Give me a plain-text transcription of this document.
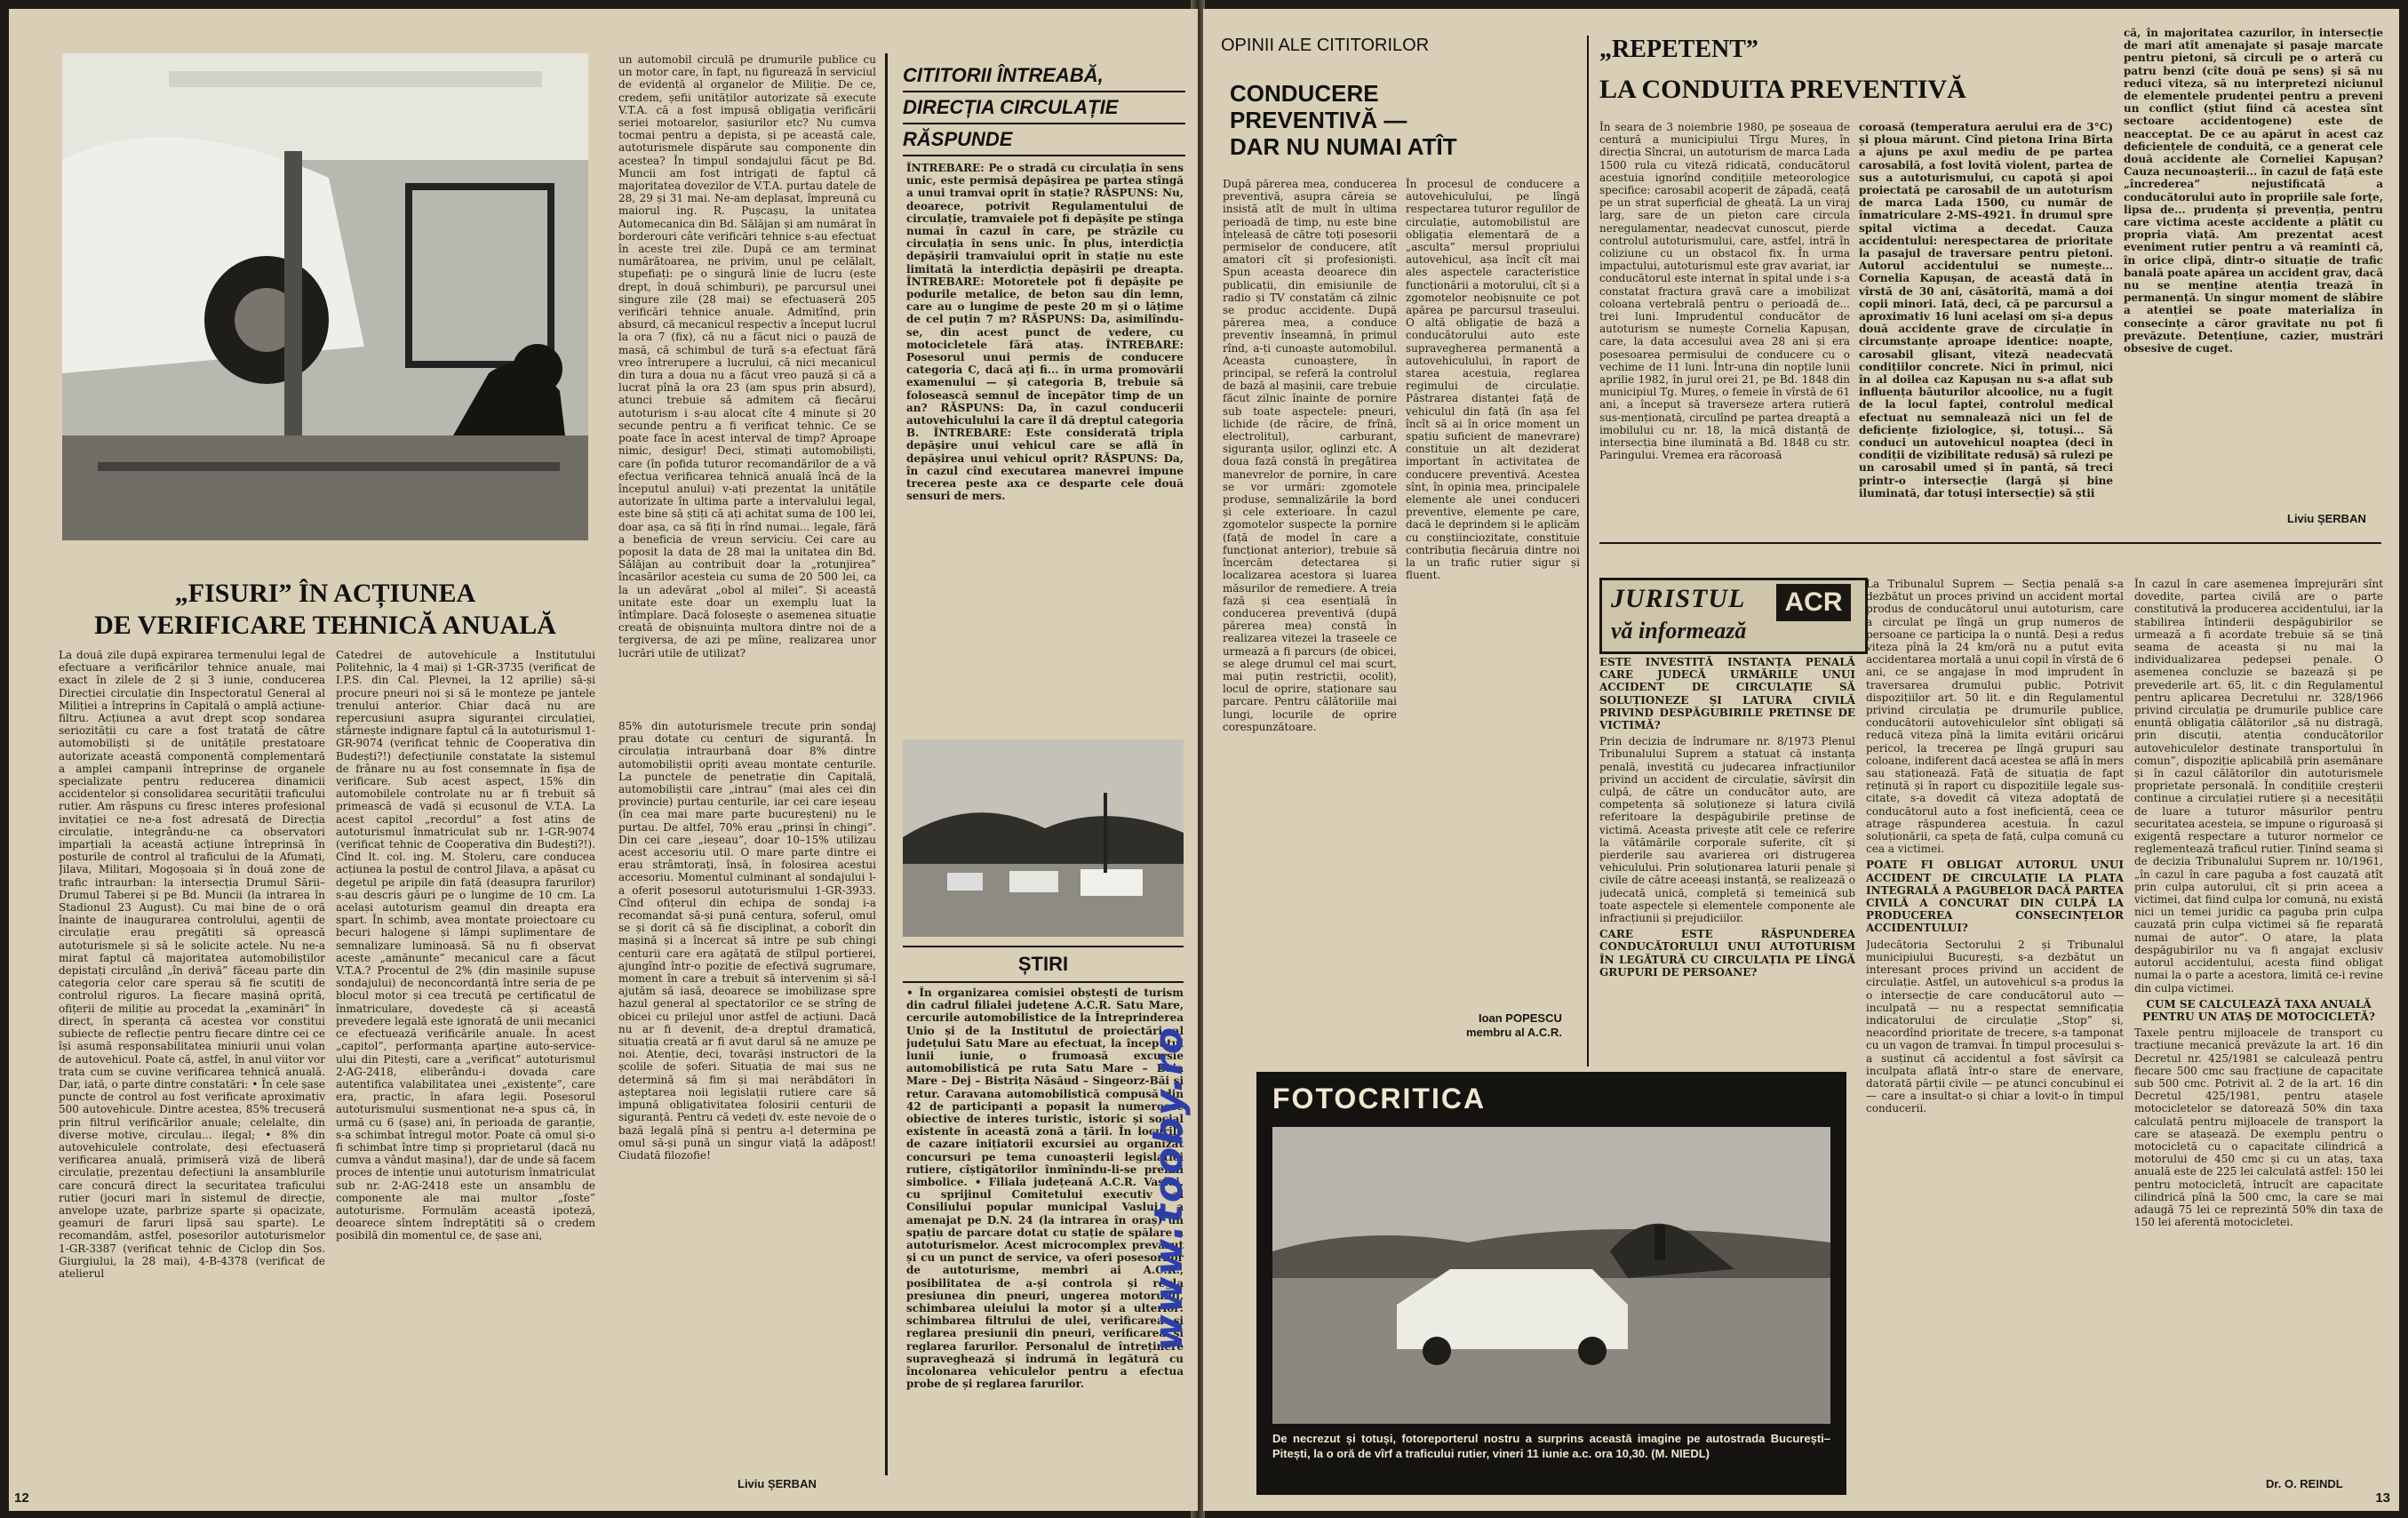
„FISURI” ÎN ACȚIUNEA
DE VERIFICARE TEHNICĂ ANUALĂ
La două zile după expirarea termenului legal de efectuare a verificărilor tehnice anuale, mai exact în zilele de 2 și 3 iunie, conducerea Direcției circulație din Inspectoratul General al Miliției a întreprins în Capitală o amplă acțiune-filtru. Acțiunea a avut drept scop sondarea seriozității cu care a fost tratată de către automobiliști și de unitățile prestatoare autorizate această componentă complementară a amplei campanii întreprinse de organele specializate pentru reducerea dinamicii accidentelor și consolidarea securității traficului rutier. Am răspuns cu firesc interes profesional invitației ce ne-a fost adresată de Direcția circulație, integrându-ne ca observatori imparțiali la această acțiune întreprinsă în posturile de control al traficului de la Afumați, Jilava, Militari, Mogoșoaia și în două zone de trafic intraurban: la intersecția Drumul Sării–Drumul Taberei și pe Bd. Muncii (la intrarea în Stadionul 23 August). Cu mai bine de o oră înainte de inaugurarea controlului, agenții de circulație erau pregătiți să oprească autoturismele și să le solicite actele. Nu ne-a mirat faptul că majoritatea automobiliștilor depistați circulând „în derivă” făceau parte din categoria celor care sperau să fie scutiți de controlul riguros. La fiecare mașină oprită, ofițerii de miliție au procedat la „examinări” în direct, în speranța că acestea vor constitui subiecte de reflecție pentru fiecare dintre cei ce își asumă responsabilitatea miniurii unui volan de autovehicul. Poate că, astfel, în anul viitor vor trata cum se cuvine verificarea tehnică anuală. Dar, iată, o parte dintre constatări: • În cele șase puncte de control au fost verificate aproximativ 500 autovehicule. Dintre acestea, 85% trecuseră prin filtrul verificărilor anuale; celelalte, din diverse motive, circulau... ilegal; • 8% din autovehiculele controlate, deși efectuaseră verificarea anuală, primiseră viză de liberă circulație, prezentau defecțiuni la ansamblurile care concură direct la securitatea traficului rutier (jocuri mari în sistemul de direcție, anvelope uzate, parbrize sparte și opacizate, geamuri de faruri lipsă sau sparte). Le recomandăm, astfel, posesorilor autoturismelor 1-GR-3387 (verificat tehnic de Ciclop din Șos. Giurgiului, la 28 mai), 4-B-4378 (verificat de atelierul
Catedrei de autovehicule a Institutului Politehnic, la 4 mai) și 1-GR-3735 (verificat de I.P.S. din Cal. Plevnei, la 12 aprilie) să-și procure pneuri noi și să le monteze pe jantele trenului anterior. Chiar dacă nu are repercusiuni asupra siguranței circulației, stârnește indignare faptul că la autoturismul 1-GR-9074 (verificat tehnic de Cooperativa din Budești?!) defecțiunile constatate la sistemul de frânare nu au fost consemnate în fișa de verificare. Sub acest aspect, 15% din automobilele controlate nu ar fi trebuit să primească de vadă și ecusonul de V.T.A. La acest capitol „recordul” a fost atins de autoturismul înmatriculat sub nr. 1-GR-9074 (verificat tehnic de Cooperativa din Budești?!). Cînd lt. col. ing. M. Stoleru, care conducea acțiunea la postul de control Jilava, a apăsat cu degetul pe aripile din față (deasupra farurilor) s-au descris găuri pe o lungime de 10 cm. La același autoturism geamul din dreapta era spart. În schimb, avea montate proiectoare cu becuri halogene și lămpi suplimentare de semnalizare luminoasă. Să nu fi observat aceste „amănunte” mecanicul care a făcut V.T.A.? Procentul de 2% (din mașinile supuse sondajului) de neconcordanță între seria de pe blocul motor și cea trecută pe certificatul de înmatriculare, dovedește că și această prevedere legală este ignorată de unii mecanici ce efectuează verificările anuale. În acest „capitol”, performanța aparține auto-service-ului din Pitești, care a „verificat” autoturismul 2-AG-2418, eliberându-i dovada care autentifica valabilitatea unei „existențe”, care era, practic, în afara legii. Posesorul autoturismului susmenționat ne-a spus că, în urmă cu 6 (șase) ani, în perioada de garanție, s-a schimbat întregul motor. Poate că omul și-o fi schimbat între timp și proprietarul (dacă nu cumva a vândut mașina!), dar de unde să facem proces de intenție unui autoturism înmatriculat sub nr. 2-AG-2418 este un ansamblu de componente ale mai multor „foste” autoturisme. Formulăm această ipoteză, deoarece sîntem îndreptățiți să o credem posibilă din momentul ce, de șase ani,
un automobil circulă pe drumurile publice cu un motor care, în fapt, nu figurează în serviciul de evidență al organelor de Miliție. De ce, credem, șefii unităților autorizate să execute V.T.A. că a fost impusă obligația verificării seriei motoarelor, șasiurilor etc? Nu cumva tocmai pentru a depista, și pe această cale, autoturismele dispărute sau componente din acestea? În timpul sondajului făcut pe Bd. Muncii am fost intrigați de faptul că majoritatea dovezilor de V.T.A. purtau datele de 28, 29 și 31 mai. Ne-am deplasat, împreună cu maiorul ing. R. Pușcașu, la unitatea Automecanica din Bd. Sălăjan și am numărat în borderouri câte verificări tehnice s-au efectuat în aceste trei zile. După ce am terminat numărătoarea, ne privim, unul pe celălalt, stupefiați: pe o singură linie de lucru (este drept, în două schimburi), pe parcursul unei singure zile (28 mai) se efectuaseră 205 verificări tehnice anuale. Admițînd, prin absurd, că mecanicul respectiv a început lucrul la ora 7 (fix), că nu a făcut nici o pauză de masă, că schimbul de tură s-a efectuat fără vreo întrerupere a lucrului, că nici mecanicul din tura a doua nu a făcut vreo pauză și că a lucrat pînă la ora 23 (am spus prin absurd), atunci trebuie să admitem că fiecărui autoturism i s-au alocat cîte 4 minute și 20 secunde pentru a fi verificat tehnic. Ce se poate face în acest interval de timp? Aproape nimic, desigur! Deci, stimați automobiliști, care (în pofida tuturor recomandărilor de a vă efectua verificarea tehnică anuală încă de la începutul anului) v-ați prezentat la unitățile autorizate în ultima parte a intervalului legal, este bine să știți că ați achitat suma de 100 lei, doar așa, ca să fiți în rînd numai... legale, fără a beneficia de vreun serviciu. Cei care au poposit la data de 28 mai la unitatea din Bd. Sălăjan au contribuit doar la „rotunjirea” încasărilor acesteia cu suma de 20 500 lei, ca la un adevărat „obol al milei”. Și această unitate este doar un exemplu luat la întîmplare. Dacă folosește o asemenea situație creată de obișnuința multora dintre noi de a tergiversa, de azi pe mîine, realizarea unor lucrări utile de utilizat?
85% din autoturismele trecute prin sondaj prau dotate cu centuri de siguranță. În circulația intraurbană doar 8% dintre automobiliștii opriți aveau montate centurile. La punctele de penetrație din Capitală, automobiliștii care „intrau” (mai ales cei din provincie) purtau centurile, iar cei care ieșeau (în cea mai mare parte bucureșteni) nu le purtau. De altfel, 70% erau „prinși în chingi”. Din cei care „ieșeau”, doar 10–15% utilizau acest accesoriu util. O mare parte dintre ei erau strâmtorați, însă, în folosirea acestui accesoriu. Momentul culminant al sondajului l-a oferit posesorul autoturismului 1-GR-3933. Cînd ofițerul din echipa de sondaj i-a recomandat să-și pună centura, soferul, omul se și dorit că să fie disciplinat, a coborît din mașină și a încercat să intre pe sub chingi centurii care era agățată de stîlpul portierei, ajungînd într-o poziție de efectivă sugrumare, moment în care a trebuit să intervenim și să-l ajutăm să iasă, deoarece se imobilizase spre hazul general al spectatorilor ce se strîng de obicei cu prilejul unor astfel de acțiuni. Dacă nu ar fi devenit, de-a dreptul dramatică, situația creată ar fi avut darul să ne amuze pe noi. Atenție, deci, tovarăși instructori de la școlile de șoferi. Situația de mai sus ne determină să fim și mai nerăbdători în așteptarea noii legislații rutiere care să impună obligativitatea folosirii centurii de siguranță. Pentru că vedeți dv. este nevoie de o bază legală pînă și pentru a-l determina pe omul să-și pună un singur viață la adăpost! Ciudată filozofie!
Liviu ȘERBAN
CITITORII ÎNTREABĂ,
DIRECȚIA CIRCULAȚIE
RĂSPUNDE
ÎNTREBARE: Pe o stradă cu circulația în sens unic, este permisă depășirea pe partea stîngă a unui tramvai oprit în stație? RĂSPUNS: Nu, deoarece, potrivit Regulamentului de circulație, tramvaiele pot fi depășite pe stînga numai în cazul în care, pe străzile cu circulația în sens unic. În plus, interdicția depășirii tramvaiului oprit în stație nu este limitată la interdicția depășirii pe dreapta. ÎNTREBARE: Motoretele pot fi depășite pe podurile metalice, de beton sau din lemn, care au o lungime de peste 20 m și o lățime de cel puțin 7 m? RĂSPUNS: Da, asimilîndu-se, din acest punct de vedere, cu motocicletele fără ataș. ÎNTREBARE: Posesorul unui permis de conducere categoria C, dacă ați fi... în urma promovării examenului — și categoria B, trebuie să folosească semnul de începător timp de un an? RĂSPUNS: Da, în cazul conducerii autovehiculului la care îl dă dreptul categoria B. ÎNTREBARE: Este considerată tripla depășire unui vehicul care se află în depășirea unui vehicul oprit? RĂSPUNS: Da, în cazul cînd executarea manevrei impune trecerea peste axa ce desparte cele două sensuri de mers.
ȘTIRI
• În organizarea comisiei obștești de turism din cadrul filialei județene A.C.R. Satu Mare, cercurile automobilistice de la Întreprinderea Unio și de la Institutul de proiectări al județului Satu Mare au efectuat, la începutul lunii iunie, o frumoasă excursie automobilistică pe ruta Satu Mare – Baia Mare – Dej – Bistrița Năsăud – Singeorz-Băi și retur. Caravana automobilistică compusă din 42 de participanți a popasit la numeroase obiective de interes turistic, istoric și social existente în această zonă a țării. În locurile de cazare inițiatorii excursiei au organizat concursuri pe tema cunoașterii legislației rutiere, cîștigătorilor înmînîndu-li-se premii simbolice. • Filiala județeană A.C.R. Vaslui, cu sprijinul Comitetului executiv al Consiliului popular municipal Vaslui, a amenajat pe D.N. 24 (la intrarea în oraș) un spațiu de parcare dotat cu stație de spălare a autoturismelor. Acest microcomplex prevăzut și cu un punct de service, va oferi posesorilor de autoturisme, membri ai A.C.R., posibilitatea de a-și controla și regla presiunea din pneuri, ungerea motorului, schimbarea uleiului la motor și a ulterior: schimbarea filtrului de ulei, verificarea și reglarea presiunii din pneuri, verificarea și reglarea farurilor. Personalul de întreținere supraveghează și îndrumă în legătură cu încolonarea vehiculelor pentru a efectua probe de și reglarea farurilor.
12
www.tooby.ro
OPINII ALE CITITORILOR
CONDUCERE
PREVENTIVĂ —
DAR NU NUMAI ATÎT
După părerea mea, conducerea preventivă, asupra căreia se insistă atît de mult în ultima perioadă de timp, nu este bine înțeleasă de către toți posesorii permiselor de conducere, atît amatori cît și profesioniști. Spun aceasta deoarece din publicații, din emisiunile de radio și TV constatăm că zilnic se produc accidente. După părerea mea, a conduce preventiv înseamnă, în primul rînd, a-ți cunoaște automobilul. Aceasta cunoaștere, în principal, se referă la controlul de bază al mașinii, care trebuie făcut zilnic înainte de pornire sub toate aspectele: pneuri, lichide (de răcire, de frînă, electrolitul), carburant, siguranța ușilor, oglinzi etc. A doua fază constă în pregătirea manevrelor de pornire, în care se vor urmări: zgomotele produse, semnalizările la bord și cele exterioare. În cazul zgomotelor suspecte la pornire (față de model în care a funcționat anterior), trebuie să încercăm detectarea și localizarea acestora și luarea măsurilor de remediere. A treia fază și cea esențială în conducerea preventivă (după părerea mea) constă în realizarea vitezei la traseele ce urmează a fi parcurs (de obicei, se alege drumul cel mai scurt, mai puțin restricții, ocolit), locul de oprire, staționare sau parcare. Pentru călătoriile mai lungi, locurile de oprire corespunzătoare.
În procesul de conducere a autovehiculului, pe lîngă respectarea tuturor regulilor de circulație, automobilistul are obligația elementară de a „asculta” mersul propriului autovehicul, așa încît cît mai ales aspectele caracteristice funcționării a motorului, cît și a zgomotelor neobișnuite ce pot apărea pe parcursul traseului. O altă obligație de bază a conducătorului auto este supravegherea permanentă a autovehiculului, în raport de starea acestuia, reglarea regimului de circulație. Păstrarea distanței față de vehiculul din față (în așa fel încît să ai în orice moment un spațiu suficient de manevrare) constituie un alt deziderat important în activitatea de conducere preventivă. Acestea sînt, în opinia mea, principalele elemente ale unei conduceri preventive, elemente pe care, dacă le deprindem și le aplicăm cu conștiinciozitate, constituie contribuția fiecăruia dintre noi la un trafic rutier sigur și fluent.
Ioan POPESCU
membru al A.C.R.
„REPETENT”
LA CONDUITA PREVENTIVĂ
În seara de 3 noiembrie 1980, pe șoseaua de centură a municipiului Tîrgu Mureș, în direcția Sîncrai, un autoturism de marca Lada 1500 rula cu viteză ridicată, conducătorul acestuia ignorînd condițiile meteorologice specifice: carosabil acoperit de zăpadă, ceață pe un strat superficial de gheață. La un viraj larg, sare de un pieton care circula neregulamentar, neadecvat cunoscut, pierde controlul autoturismului, care, astfel, intră în coliziune cu un obstacol fix. În urma impactului, autoturismul este grav avariat, iar conducătorul este internat în spital unde i s-a constatat fractura gravă care a imobilizat coloana vertebrală pentru o perioadă de... trei luni. Imprudentul conducător de autoturism se numește Cornelia Kapușan, care, la data accesului avea 28 ani și era posesoarea permisului de conducere cu o vechime de 11 luni. Într-una din nopțile lunii aprilie 1982, în jurul orei 21, pe Bd. 1848 din municipiul Tg. Mureș, o femeie în vîrstă de 61 ani, a început să traverseze artera rutieră sus-menționată, circulînd pe partea dreaptă a imobilului cu nr. 18, la mică distanță de intersecția bine iluminată a Bd. 1848 cu str. Paringului. Vremea era răcoroasă
coroasă (temperatura aerului era de 3°C) și ploua mărunt. Cînd pietona Irina Bîrta a ajuns pe axul mediu de pe partea carosabilă, a fost lovită violent, partea de sus a autoturismului, cu capotă și apoi proiectată pe carosabil de un autoturism de marca Lada 1500, cu număr de înmatriculare 2-MS-4921. În drumul spre spital victima a decedat. Cauza accidentului: nerespectarea de prioritate la pasajul de traversare pentru pietoni. Autorul accidentului se numește... Cornelia Kapușan, de această dată în vîrstă de 30 ani, căsătorită, mamă a doi copii minori. Iată, deci, că pe parcursul a aproximativ 16 luni același om și-a depus două accidente grave de circulație în circumstanțe aproape identice: noapte, carosabil glisant, viteză neadecvată condițiilor concrete. Nici în primul, nici în al doilea caz Kapușan nu s-a aflat sub influența băuturilor alcoolice, nu a fugit de la locul faptei, controlul medical efectuat nu semnalează nici un fel de deficiențe fiziologice, și, totuși... Să conduci un autovehicul noaptea (deci în condiții de vizibilitate redusă) să rulezi pe un carosabil umed și în pantă, să treci printr-o intersecție (largă și bine iluminată, dar totuși intersecție) să știi
că, în majoritatea cazurilor, în intersecție de mari atît amenajate și pasaje marcate pentru pietoni, să circuli pe o arteră cu patru benzi (cîte două pe sens) și să nu reduci viteza, să nu interpretezi niciunul de elementele prudenței pentru a preveni un conflict (știut fiind că acestea sînt sectoare accidentogene) este de neacceptat. De ce au apărut în acest caz deficiențele de conduită, ce a generat cele două accidente ale Corneliei Kapușan? Cauza necunoașterii... în cazul de față este „încrederea” nejustificată a conducătorului auto în propriile sale forțe, lipsa de... prudența și prevenția, pentru care victima aceste accidente a plătit cu propria viață. Am prezentat acest eveniment rutier pentru a vă reaminti că, în orice clipă, dintr-o situație de trafic banală poate apărea un accident grav, dacă nu se menține atenția trează în permanență. Un singur moment de slăbire a atenției se poate materializa în consecințe a căror gravitate nu pot fi prevăzute. Detențiune, cazier, mustrări obsesive de cuget.
Liviu ȘERBAN
JURISTUL	ACR
vă informează
ESTE INVESTITĂ INSTANȚA PENALĂ CARE JUDECĂ URMĂRILE UNUI ACCIDENT DE CIRCULAȚIE SĂ SOLUȚIONEZE ȘI LATURA CIVILĂ PRIVIND DESPĂGUBIRILE PRETINSE DE VICTIMĂ?
Prin decizia de îndrumare nr. 8/1973 Plenul Tribunalului Suprem a statuat că instanța penală, investită cu judecarea infracțiunilor privind un accident de circulație, săvîrșit din culpă, de către un conducător auto, are competența să soluționeze și latura civilă referitoare la despăgubirile pretinse de victimă. Aceasta privește atît cele ce referire la vătămările corporale suferite, cît și pierderile sau avarierea ori distrugerea vehiculului. Prin soluționarea laturii penale și civile de către aceeași instanță, se realizează o judecată unică, completă și temeinică sub toate aspectele și elementele componente ale infracțiunii și prejudiciilor.
CARE ESTE RĂSPUNDEREA CONDUCĂTORULUI UNUI AUTOTURISM ÎN LEGĂTURĂ CU CIRCULAȚIA PE LÎNGĂ GRUPURI DE PERSOANE?
La Tribunalul Suprem — Secția penală s-a dezbătut un proces privind un accident mortal produs de conducătorul unui autoturism, care a circulat pe lîngă un grup numeros de persoane ce participa la o nuntă. Deși a redus viteza pînă la 24 km/oră nu a putut evita accidentarea mortală a unui copil în vîrstă de 6 ani, ce se angajase în mod imprudent în traversarea drumului public. Potrivit dispozițiilor art. 50 lit. e din Regulamentul privind circulația pe drumurile publice, conducătorii autovehiculelor sînt obligați să reducă viteza pînă la limita evitării oricărui pericol, la trecerea pe lîngă grupuri sau coloane, indiferent dacă acestea se află în mers sau staționează. Față de situația de fapt reținută și în raport cu dispozițiile legale sus-citate, s-a dovedit că viteza adoptată de conducătorul auto a fost ineficientă, ceea ce atrage răspunderea acestuia. În cazul soluționării, ca speța de față, culpa comună cu cea a victimei.
POATE FI OBLIGAT AUTORUL UNUI ACCIDENT DE CIRCULAȚIE LA PLATA INTEGRALĂ A PAGUBELOR DACĂ PARTEA CIVILĂ A CONCURAT DIN CULPĂ LA PRODUCEREA CONSECINȚELOR ACCIDENTULUI?
Judecătoria Sectorului 2 și Tribunalul municipiului București, s-a dezbătut un interesant proces privind un accident de circulație. Astfel, un autovehicul s-a produs la o intersecție de care conducătorul auto — inculpată — nu a respectat semnificația indicatorului de circulație „Stop” și, neacordînd prioritate de trecere, s-a tamponat cu un vagon de tramvai. În timpul procesului s-a susținut că accidentul a fost săvîrșit ca inculpata aflată într-o stare de enervare, datorată părții civile — pe atunci concubinul ei — care a insultat-o și chiar a lovit-o în timpul conducerii.
În cazul în care asemenea împrejurări sînt dovedite, partea civilă are o parte constitutivă la producerea accidentului, iar la stabilirea întinderii despăgubirilor se urmează a fi acordate trebuie să se țină seama de aceasta și nu mai la individualizarea pedepsei penale. O asemenea concluzie se bazează și pe prevederile art. 65, lit. c din Regulamentul pentru aplicarea Decretului nr. 328/1966 privind circulația pe drumurile publice care enunță obligația călătorilor „să nu distragă, prin discuții, atenția conducătorilor autovehiculelor destinate transportului în comun”, dispoziție aplicabilă prin asemănare și în cazul călătorilor din autoturismele proprietate personală. În condițiile creșterii continue a circulației rutiere și a necesității de luare a tuturor măsurilor pentru securitatea acesteia, se impune o riguroasă și exigentă respectare a tuturor normelor ce reglementează traficul rutier. Ținînd seama și de decizia Tribunalului Suprem nr. 10/1961, „în cazul în care paguba a fost cauzată atît prin culpa autorului, cît și prin aceea a victimei, dat fiind culpa lor comună, nu există nici un temei juridic ca paguba prin culpa cauzată prin culpa victimei să fie reparată numai de autor”. O atare, la plata despăgubirilor nu va fi angajat exclusiv autorul accidentului, acesta fiind obligat numai la o parte a acestora, limită ce-i revine din culpa victimei.
CUM SE CALCULEAZĂ TAXA ANUALĂ PENTRU UN ATAȘ DE MOTOCICLETĂ?
Taxele pentru mijloacele de transport cu tracțiune mecanică prevăzute la art. 16 din Decretul nr. 425/1981 se calculează pentru fiecare 500 cmc sau fracțiune de capacitate sub 500 cmc. Potrivit al. 2 de la art. 16 din Decretul 425/1981, pentru atașele motocicletelor se datorează 50% din taxa calculată pentru mijloacele de transport la care se atașează. De exemplu pentru o motocicletă cu o capacitate cilindrică a motorului de 450 cmc și cu un ataș, taxa anuală este de 225 lei calculată astfel: 150 lei pentru motocicletă, întrucît are capacitate cilindrică pînă la 500 cmc, la care se mai adaugă 75 lei ce reprezintă 50% din taxa de 150 lei aferentă motocicletei.
Dr. O. REINDL
FOTOCRITICA
De necrezut și totuși, fotoreporterul nostru a surprins această imagine pe autostrada București–Pitești, la o oră de vîrf a traficului rutier, vineri 11 iunie a.c. ora 10,30. (M. NIEDL)
13
